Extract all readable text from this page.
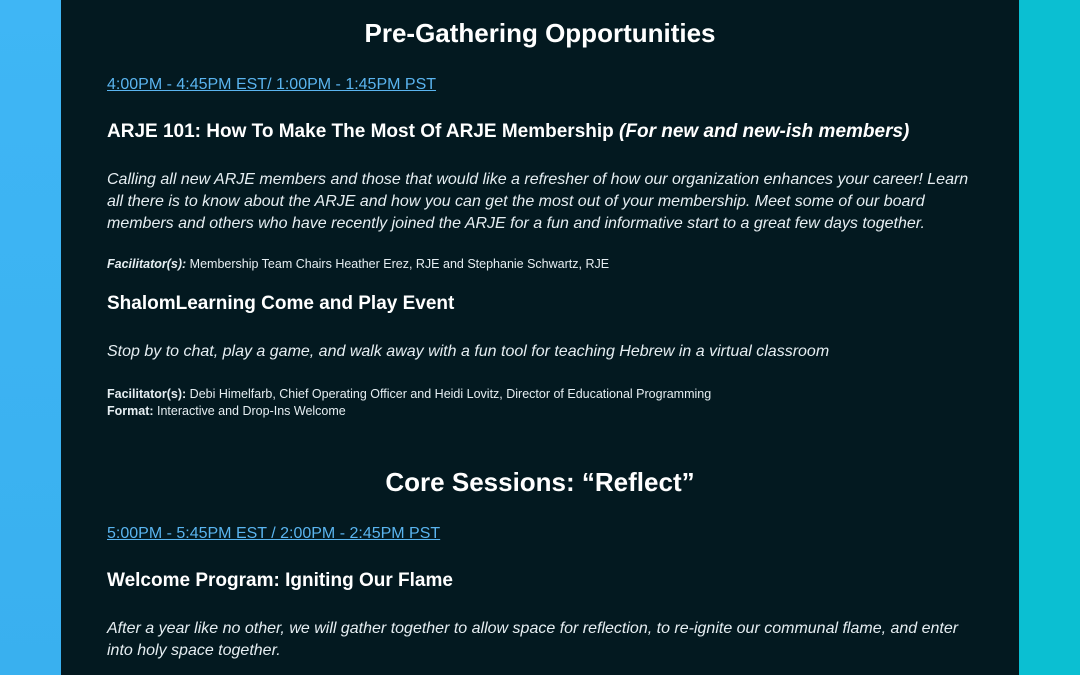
Pre-Gathering Opportunities
4:00PM - 4:45PM EST/ 1:00PM - 1:45PM PST
ARJE 101: How To Make The Most Of ARJE Membership (For new and new-ish members)
Calling all new ARJE members and those that would like a refresher of how our organization enhances your career! Learn all there is to know about the ARJE and how you can get the most out of your membership. Meet some of our board members and others who have recently joined the ARJE for a fun and informative start to a great few days together.
Facilitator(s): Membership Team Chairs Heather Erez, RJE and Stephanie Schwartz, RJE
ShalomLearning Come and Play Event
Stop by to chat, play a game, and walk away with a fun tool for teaching Hebrew in a virtual classroom
Facilitator(s): Debi Himelfarb, Chief Operating Officer and Heidi Lovitz, Director of Educational Programming
Format: Interactive and Drop-Ins Welcome
Core Sessions: “Reflect”
5:00PM - 5:45PM EST / 2:00PM - 2:45PM PST
Welcome Program: Igniting Our Flame
After a year like no other, we will gather together to allow space for reflection, to re-ignite our communal flame, and enter into holy space together.
